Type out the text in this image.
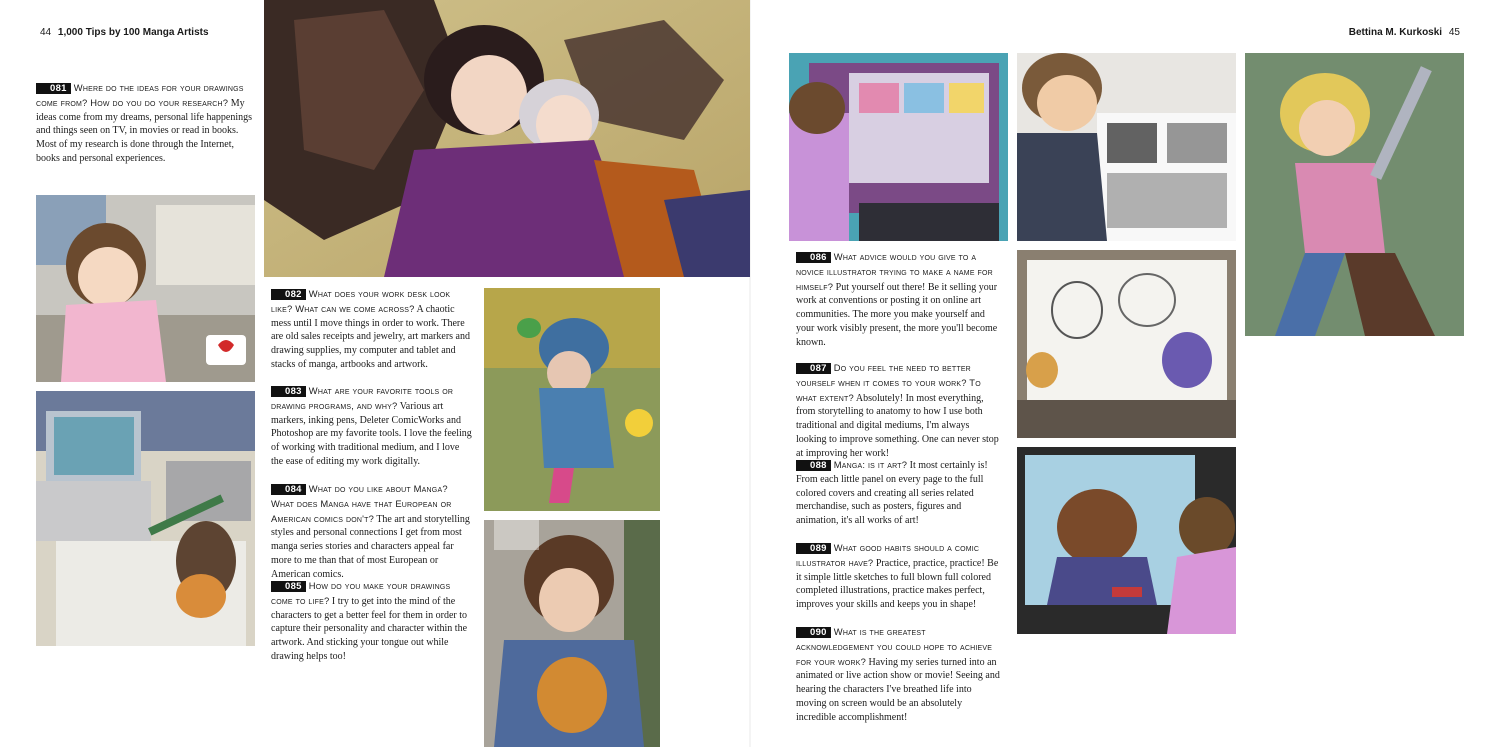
44 1,000 Tips by 100 Manga Artists	Bettina M. Kurkoski 45
081 Where do the ideas for your drawings come from? How do you do your research? My ideas come from my dreams, personal life happenings and things seen on TV, in movies or read in books. Most of my research is done through the Internet, books and personal experiences.
082 What does your work desk look like? What can we come across? A chaotic mess until I move things in order to work. There are old sales receipts and jewelry, art markers and drawing supplies, my computer and tablet and stacks of manga, artbooks and artwork.
083 What are your favorite tools or drawing programs, and why? Various art markers, inking pens, Deleter ComicWorks and Photoshop are my favorite tools. I love the feeling of working with traditional medium, and I love the ease of editing my work digitally.
084 What do you like about Manga? What does Manga have that European or American comics don't? The art and storytelling styles and personal connections I get from most manga series stories and characters appeal far more to me than that of most European or American comics.
085 How do you make your drawings come to life? I try to get into the mind of the characters to get a better feel for them in order to capture their personality and character within the artwork. And sticking your tongue out while drawing helps too!
086 What advice would you give to a novice illustrator trying to make a name for himself? Put yourself out there! Be it selling your work at conventions or posting it on online art communities. The more you make yourself and your work visibly present, the more you'll become known.
087 Do you feel the need to better yourself when it comes to your work? To what extent? Absolutely! In most everything, from storytelling to anatomy to how I use both traditional and digital mediums, I'm always looking to improve something. One can never stop at improving her work!
088 Manga: is it art? It most certainly is! From each little panel on every page to the full colored covers and creating all series related merchandise, such as posters, figures and animation, it's all works of art!
089 What good habits should a comic illustrator have? Practice, practice, practice! Be it simple little sketches to full blown full colored completed illustrations, practice makes perfect, improves your skills and keeps you in shape!
090 What is the greatest acknowledgement you could hope to achieve for your work? Having my series turned into an animated or live action show or movie! Seeing and hearing the characters I've breathed life into moving on screen would be an absolutely incredible accomplishment!
